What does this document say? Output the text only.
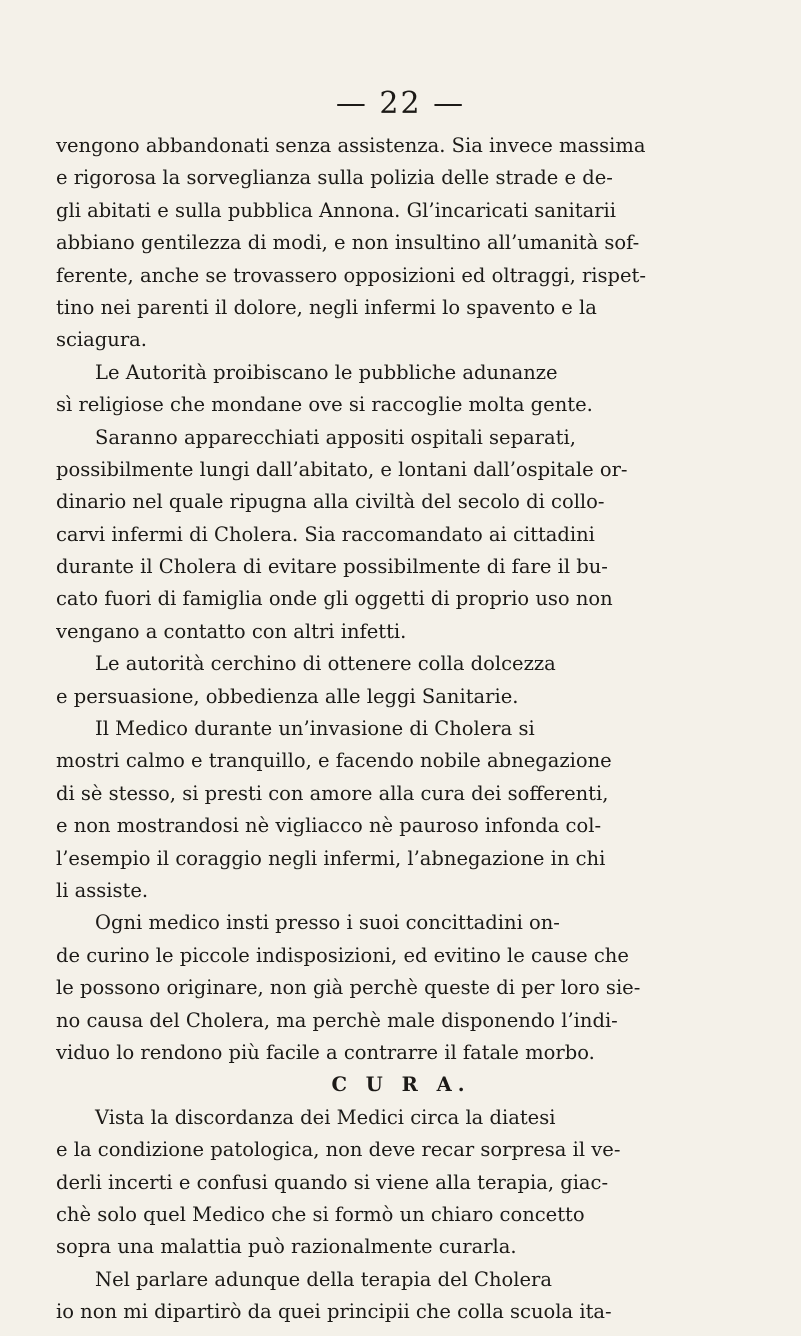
— 22 —
vengono abbandonati senza assistenza. Sia invece massima
e rigorosa la sorveglianza sulla polizia delle strade e de-
gli abitati e sulla pubblica Annona. Gl’incaricati sanitarii
abbiano gentilezza di modi, e non insultino all’umanità sof-
ferente, anche se trovassero opposizioni ed oltraggi, rispet-
tino nei parenti il dolore, negli infermi lo spavento e la
sciagura.
Le Autorità proibiscano le pubbliche adunanze
sì religiose che mondane ove si raccoglie molta gente.
Saranno apparecchiati appositi ospitali separati,
possibilmente lungi dall’abitato, e lontani dall’ospitale or-
dinario nel quale ripugna alla civiltà del secolo di collo-
carvi infermi di Cholera. Sia raccomandato ai cittadini
durante il Cholera di evitare possibilmente di fare il bu-
cato fuori di famiglia onde gli oggetti di proprio uso non
vengano a contatto con altri infetti.
Le autorità cerchino di ottenere colla dolcezza
e persuasione, obbedienza alle leggi Sanitarie.
Il Medico durante un’invasione di Cholera si
mostri calmo e tranquillo, e facendo nobile abnegazione
di sè stesso, si presti con amore alla cura dei sofferenti,
e non mostrandosi nè vigliacco nè pauroso infonda col-
l’esempio il coraggio negli infermi, l’abnegazione in chi
li assiste.
Ogni medico insti presso i suoi concittadini on-
de curino le piccole indisposizioni, ed evitino le cause che
le possono originare, non già perchè queste di per loro sie-
no causa del Cholera, ma perchè male disponendo l’indi-
viduo lo rendono più facile a contrarre il fatale morbo.
C U R A.
Vista la discordanza dei Medici circa la diatesi
e la condizione patologica, non deve recar sorpresa il ve-
derli incerti e confusi quando si viene alla terapia, giac-
chè solo quel Medico che si formò un chiaro concetto
sopra una malattia può razionalmente curarla.
Nel parlare adunque della terapia del Cholera
io non mi dipartirò da quei principii che colla scuola ita-
